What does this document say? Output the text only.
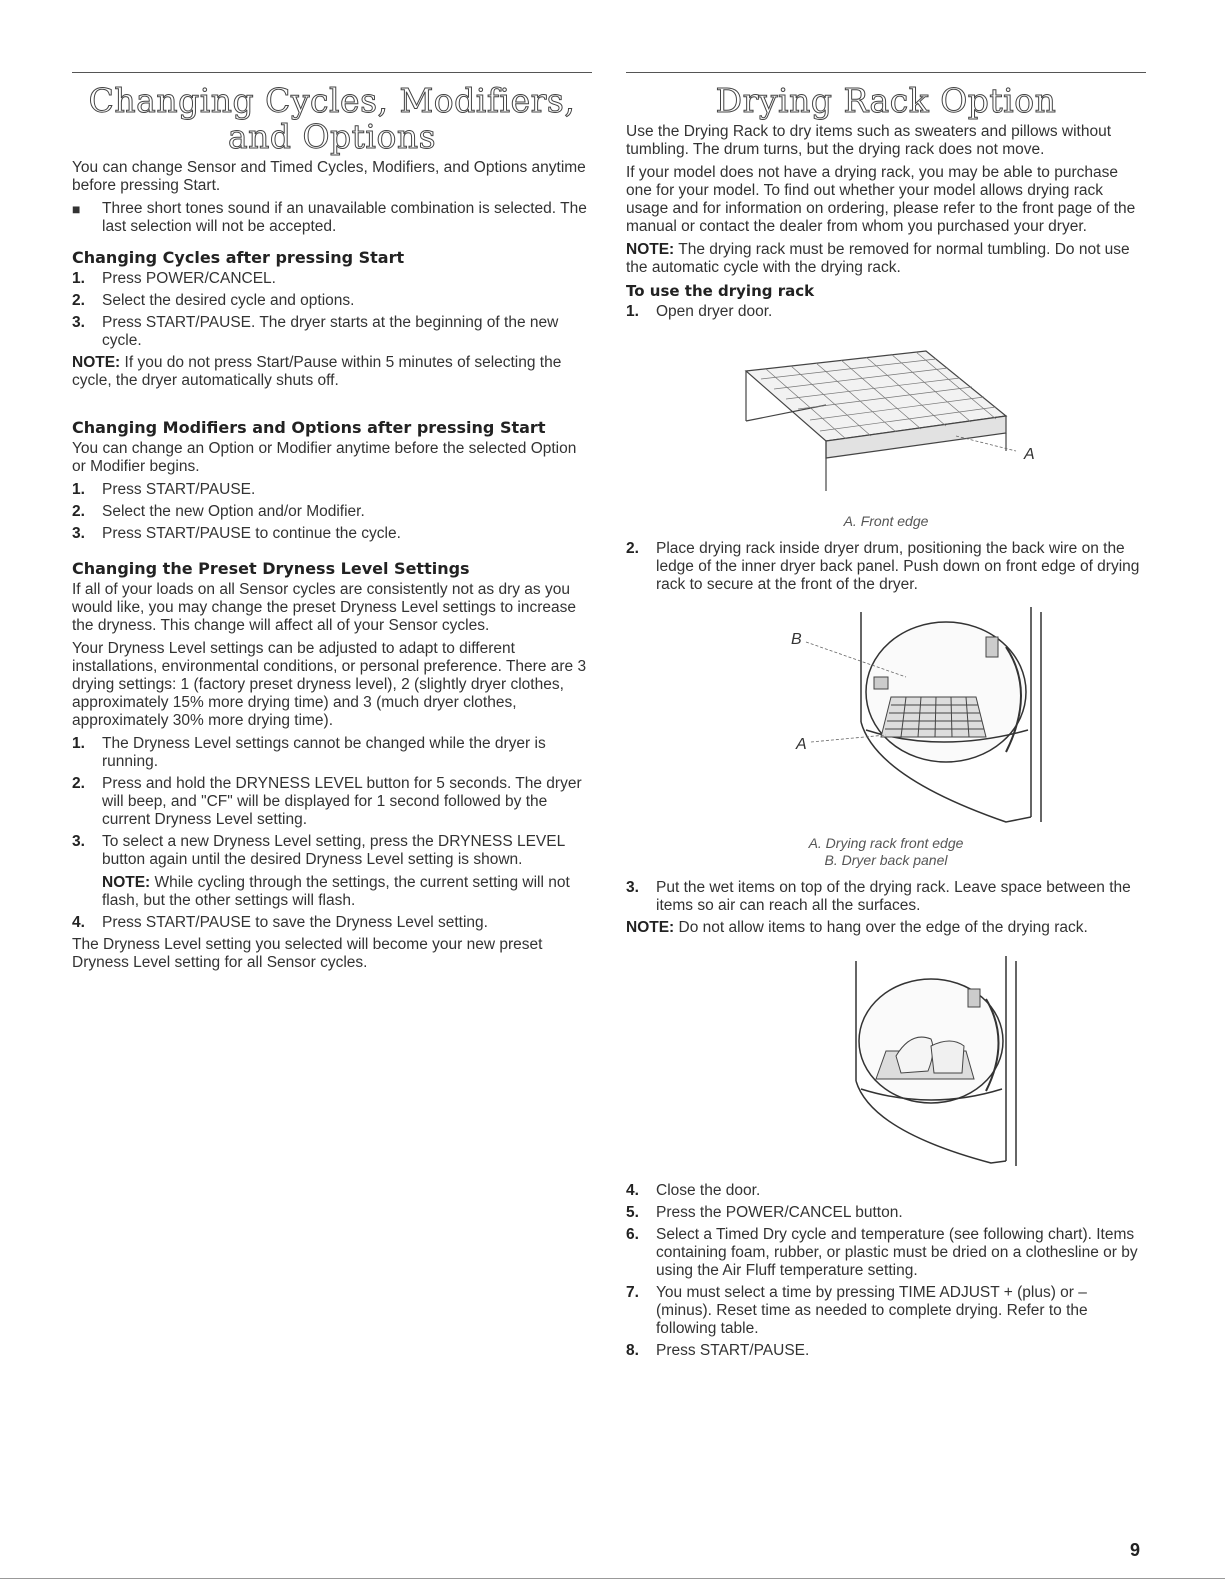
Changing Cycles, Modifiers,
and Options

You can change Sensor and Timed Cycles, Modifiers, and Options anytime before pressing Start.

■ Three short tones sound if an unavailable combination is selected. The last selection will not be accepted.
Changing Cycles after pressing Start
1. Press POWER/CANCEL.
2. Select the desired cycle and options.
3. Press START/PAUSE. The dryer starts at the beginning of the new cycle.

NOTE: If you do not press Start/Pause within 5 minutes of selecting the cycle, the dryer automatically shuts off.

Changing Modifiers and Options after pressing Start

You can change an Option or Modifier anytime before the selected Option or Modifier begins.

1. Press START/PAUSE.
2. Select the new Option and/or Modifier.
3. Press START/PAUSE to continue the cycle.
Changing the Preset Dryness Level Settings

If all of your loads on all Sensor cycles are consistently not as dry as you would like, you may change the preset Dryness Level settings to increase the dryness. This change will affect all of your Sensor cycles.

Your Dryness Level settings can be adjusted to adapt to different installations, environmental conditions, or personal preference. There are 3 drying settings: 1 (factory preset dryness level), 2 (slightly dryer clothes, approximately 15% more drying time) and 3 (much dryer clothes, approximately 30% more drying time).

1. The Dryness Level settings cannot be changed while the dryer is running.
2. Press and hold the DRYNESS LEVEL button for 5 seconds. The dryer will beep, and "CF" will be displayed for 1 second followed by the current Dryness Level setting.
3. To select a new Dryness Level setting, press the DRYNESS LEVEL button again until the desired Dryness Level setting is shown.
NOTE: While cycling through the settings, the current setting will not flash, but the other settings will flash.
4. Press START/PAUSE to save the Dryness Level setting.

The Dryness Level setting you selected will become your new preset Dryness Level setting for all Sensor cycles.

Drying Rack Option

Use the Drying Rack to dry items such as sweaters and pillows without tumbling. The drum turns, but the drying rack does not move.

If your model does not have a drying rack, you may be able to purchase one for your model. To find out whether your model allows drying rack usage and for information on ordering, please refer to the front page of the manual or contact the dealer from whom you purchased your dryer.

NOTE: The drying rack must be removed for normal tumbling. Do not use the automatic cycle with the drying rack.

To use the drying rack
1. Open dryer door.
A
A. Front edge
2. Place drying rack inside dryer drum, positioning the back wire on the ledge of the inner dryer back panel. Push down on front edge of drying rack to secure at the front of the dryer.
B
A
A. Drying rack front edge
B. Dryer back panel
3. Put the wet items on top of the drying rack. Leave space between the items so air can reach all the surfaces.

NOTE: Do not allow items to hang over the edge of the drying rack.

4. Close the door.
5. Press the POWER/CANCEL button.
6. Select a Timed Dry cycle and temperature (see following chart). Items containing foam, rubber, or plastic must be dried on a clothesline or by using the Air Fluff temperature setting.
7. You must select a time by pressing TIME ADJUST + (plus) or – (minus). Reset time as needed to complete drying. Refer to the following table.
8. Press START/PAUSE.
9
